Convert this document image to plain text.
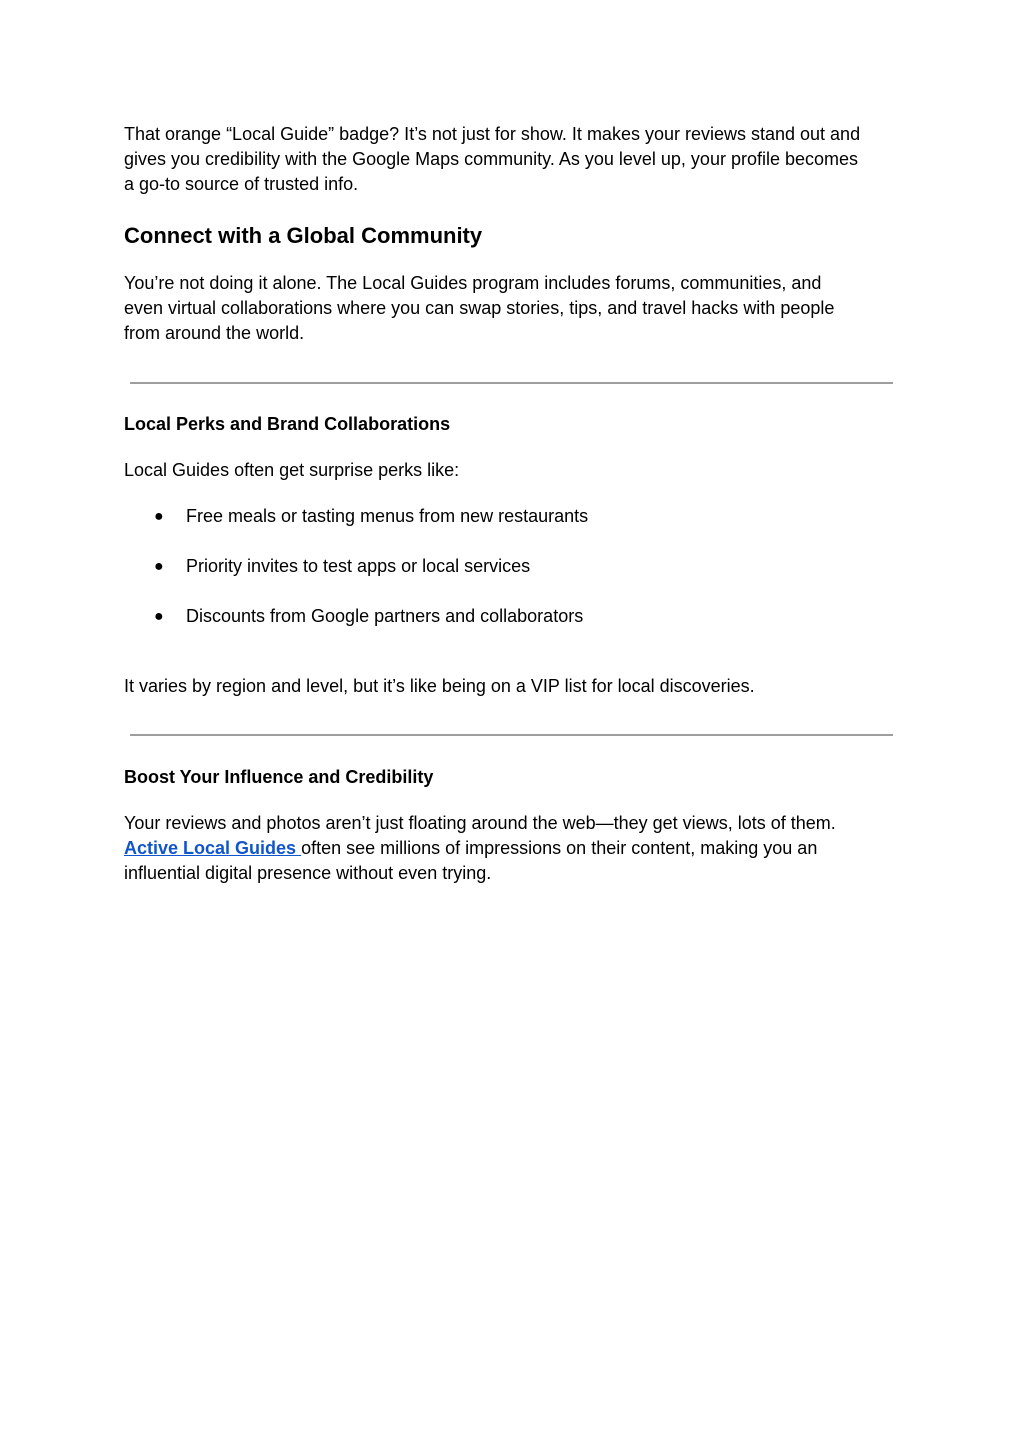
That orange “Local Guide” badge? It’s not just for show. It makes your reviews stand out and
gives you credibility with the Google Maps community. As you level up, your profile becomes
a go-to source of trusted info.

Connect with a Global Community

You’re not doing it alone. The Local Guides program includes forums, communities, and
even virtual collaborations where you can swap stories, tips, and travel hacks with people
from around the world.

Local Perks and Brand Collaborations

Local Guides often get surprise perks like:

● Free meals or tasting menus from new restaurants
● Priority invites to test apps or local services
● Discounts from Google partners and collaborators

It varies by region and level, but it’s like being on a VIP list for local discoveries.

Boost Your Influence and Credibility

Your reviews and photos aren’t just floating around the web—they get views, lots of them.
Active Local Guides often see millions of impressions on their content, making you an
influential digital presence without even trying.
